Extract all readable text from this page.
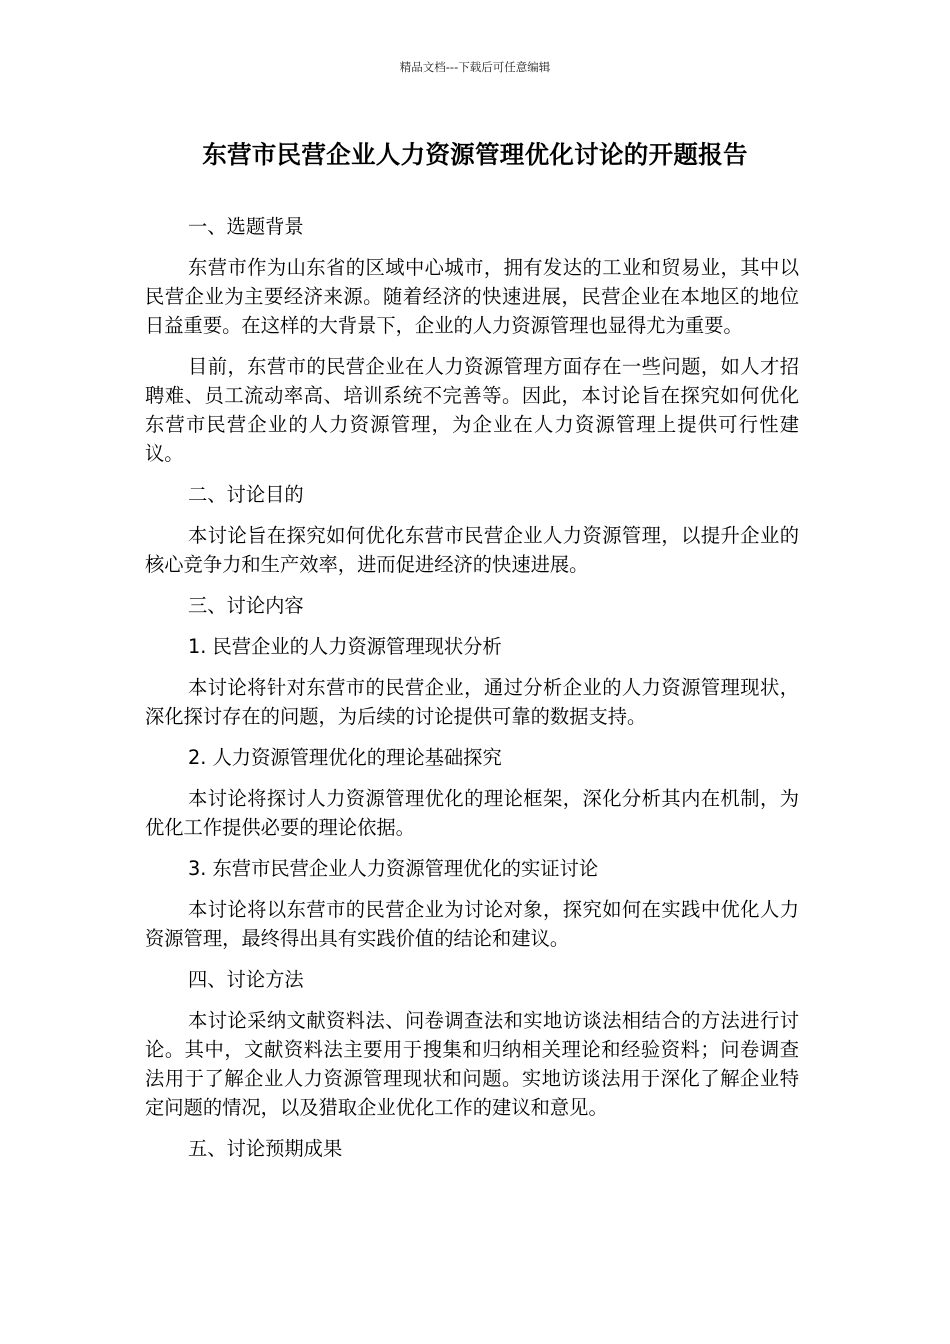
精品文档---下载后可任意编辑
东营市民营企业人力资源管理优化讨论的开题报告
一、选题背景
东营市作为山东省的区域中心城市，拥有发达的工业和贸易业，其中以民营企业为主要经济来源。随着经济的快速进展，民营企业在本地区的地位日益重要。在这样的大背景下，企业的人力资源管理也显得尤为重要。
目前，东营市的民营企业在人力资源管理方面存在一些问题，如人才招聘难、员工流动率高、培训系统不完善等。因此，本讨论旨在探究如何优化东营市民营企业的人力资源管理，为企业在人力资源管理上提供可行性建议。
二、讨论目的
本讨论旨在探究如何优化东营市民营企业人力资源管理，以提升企业的核心竞争力和生产效率，进而促进经济的快速进展。
三、讨论内容
1. 民营企业的人力资源管理现状分析
本讨论将针对东营市的民营企业，通过分析企业的人力资源管理现状，深化探讨存在的问题，为后续的讨论提供可靠的数据支持。
2. 人力资源管理优化的理论基础探究
本讨论将探讨人力资源管理优化的理论框架，深化分析其内在机制，为优化工作提供必要的理论依据。
3. 东营市民营企业人力资源管理优化的实证讨论
本讨论将以东营市的民营企业为讨论对象，探究如何在实践中优化人力资源管理，最终得出具有实践价值的结论和建议。
四、讨论方法
本讨论采纳文献资料法、问卷调查法和实地访谈法相结合的方法进行讨论。其中，文献资料法主要用于搜集和归纳相关理论和经验资料；问卷调查法用于了解企业人力资源管理现状和问题。实地访谈法用于深化了解企业特定问题的情况，以及猎取企业优化工作的建议和意见。
五、讨论预期成果
